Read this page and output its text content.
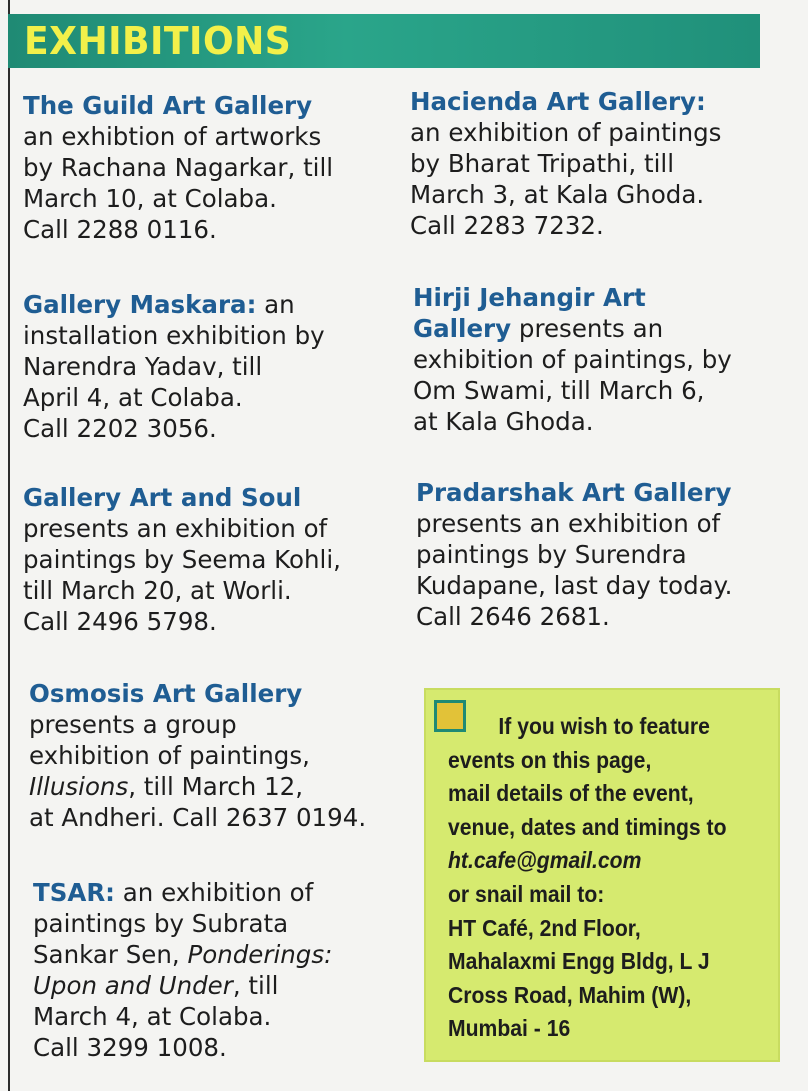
EXHIBITIONS
The Guild Art Gallery
an exhibtion of artworks
by Rachana Nagarkar, till
March 10, at Colaba.
Call 2288 0116.
Gallery Maskara: an
installation exhibition by
Narendra Yadav, till
April 4, at Colaba.
Call 2202 3056.
Gallery Art and Soul
presents an exhibition of
paintings by Seema Kohli,
till March 20, at Worli.
Call 2496 5798.
Osmosis Art Gallery
presents a group
exhibition of paintings,
Illusions, till March 12,
at Andheri. Call 2637 0194.
TSAR: an exhibition of
paintings by Subrata
Sankar Sen, Ponderings:
Upon and Under, till
March 4, at Colaba.
Call 3299 1008.
Hacienda Art Gallery:
an exhibition of paintings
by Bharat Tripathi, till
March 3, at Kala Ghoda.
Call 2283 7232.
Hirji Jehangir Art
Gallery presents an
exhibition of paintings, by
Om Swami, till March 6,
at Kala Ghoda.
Pradarshak Art Gallery
presents an exhibition of
paintings by Surendra
Kudapane, last day today.
Call 2646 2681.
If you wish to feature
events on this page,
mail details of the event,
venue, dates and timings to
ht.cafe@gmail.com
or snail mail to:
HT Café, 2nd Floor,
Mahalaxmi Engg Bldg, L J
Cross Road, Mahim (W),
Mumbai - 16
